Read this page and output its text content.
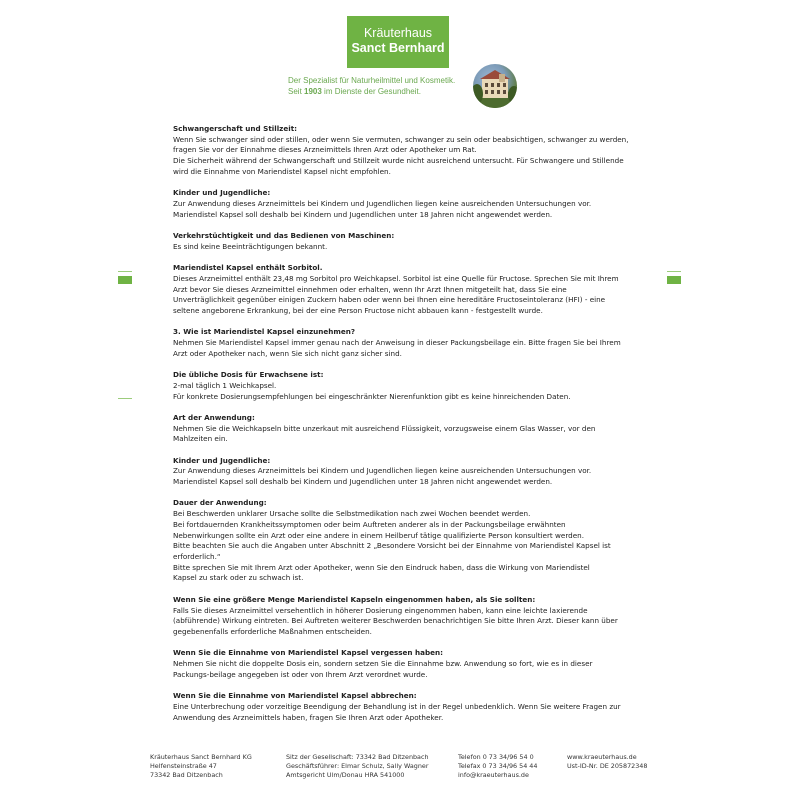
Kräuterhaus
Sanct Bernhard
Der Spezialist für Naturheilmittel und Kosmetik.
Seit 1903 im Dienste der Gesundheit.
Schwangerschaft und Stillzeit:
Wenn Sie schwanger sind oder stillen, oder wenn Sie vermuten, schwanger zu sein oder beabsichtigen, schwanger zu werden,
fragen Sie vor der Einnahme dieses Arzneimittels Ihren Arzt oder Apotheker um Rat.
Die Sicherheit während der Schwangerschaft und Stillzeit wurde nicht ausreichend untersucht. Für Schwangere und Stillende
wird die Einnahme von Mariendistel Kapsel nicht empfohlen.
Kinder und Jugendliche:
Zur Anwendung dieses Arzneimittels bei Kindern und Jugendlichen liegen keine ausreichenden Untersuchungen vor.
Mariendistel Kapsel soll deshalb bei Kindern und Jugendlichen unter 18 Jahren nicht angewendet werden.
Verkehrstüchtigkeit und das Bedienen von Maschinen:
Es sind keine Beeinträchtigungen bekannt.
Mariendistel Kapsel enthält Sorbitol.
Dieses Arzneimittel enthält 23,48 mg Sorbitol pro Weichkapsel. Sorbitol ist eine Quelle für Fructose. Sprechen Sie mit Ihrem
Arzt bevor Sie dieses Arzneimittel einnehmen oder erhalten, wenn Ihr Arzt Ihnen mitgeteilt hat, dass Sie eine
Unverträglichkeit gegenüber einigen Zuckern haben oder wenn bei Ihnen eine hereditäre Fructoseintoleranz (HFI) - eine
seltene angeborene Erkrankung, bei der eine Person Fructose nicht abbauen kann - festgestellt wurde.
3. Wie ist Mariendistel Kapsel einzunehmen?
Nehmen Sie Mariendistel Kapsel immer genau nach der Anweisung in dieser Packungsbeilage ein. Bitte fragen Sie bei Ihrem
Arzt oder Apotheker nach, wenn Sie sich nicht ganz sicher sind.
Die übliche Dosis für Erwachsene ist:
2-mal täglich 1 Weichkapsel.
Für konkrete Dosierungsempfehlungen bei eingeschränkter Nierenfunktion gibt es keine hinreichenden Daten.
Art der Anwendung:
Nehmen Sie die Weichkapseln bitte unzerkaut mit ausreichend Flüssigkeit, vorzugsweise einem Glas Wasser, vor den
Mahlzeiten ein.
Kinder und Jugendliche:
Zur Anwendung dieses Arzneimittels bei Kindern und Jugendlichen liegen keine ausreichenden Untersuchungen vor.
Mariendistel Kapsel soll deshalb bei Kindern und Jugendlichen unter 18 Jahren nicht angewendet werden.
Dauer der Anwendung:
Bei Beschwerden unklarer Ursache sollte die Selbstmedikation nach zwei Wochen beendet werden.
Bei fortdauernden Krankheitssymptomen oder beim Auftreten anderer als in der Packungsbeilage erwähnten
Nebenwirkungen sollte ein Arzt oder eine andere in einem Heilberuf tätige qualifizierte Person konsultiert werden.
Bitte beachten Sie auch die Angaben unter Abschnitt 2 „Besondere Vorsicht bei der Einnahme von Mariendistel Kapsel ist
erforderlich.“
Bitte sprechen Sie mit Ihrem Arzt oder Apotheker, wenn Sie den Eindruck haben, dass die Wirkung von Mariendistel
Kapsel zu stark oder zu schwach ist.
Wenn Sie eine größere Menge Mariendistel Kapseln eingenommen haben, als Sie sollten:
Falls Sie dieses Arzneimittel versehentlich in höherer Dosierung eingenommen haben, kann eine leichte laxierende
(abführende) Wirkung eintreten. Bei Auftreten weiterer Beschwerden benachrichtigen Sie bitte Ihren Arzt. Dieser kann über
gegebenenfalls erforderliche Maßnahmen entscheiden.
Wenn Sie die Einnahme von Mariendistel Kapsel vergessen haben:
Nehmen Sie nicht die doppelte Dosis ein, sondern setzen Sie die Einnahme bzw. Anwendung so fort, wie es in dieser
Packungs-beilage angegeben ist oder von Ihrem Arzt verordnet wurde.
Wenn Sie die Einnahme von Mariendistel Kapsel abbrechen:
Eine Unterbrechung oder vorzeitige Beendigung der Behandlung ist in der Regel unbedenklich. Wenn Sie weitere Fragen zur
Anwendung des Arzneimittels haben, fragen Sie Ihren Arzt oder Apotheker.
Kräuterhaus Sanct Bernhard KG
Helfensteinstraße 47
73342 Bad Ditzenbach
Sitz der Gesellschaft: 73342 Bad Ditzenbach
Geschäftsführer: Elmar Schulz, Sally Wagner
Amtsgericht Ulm/Donau HRA 541000
Telefon 0 73 34/96 54 0
Telefax 0 73 34/96 54 44
info@kraeuterhaus.de
www.kraeuterhaus.de
Ust-ID-Nr. DE 205872348
